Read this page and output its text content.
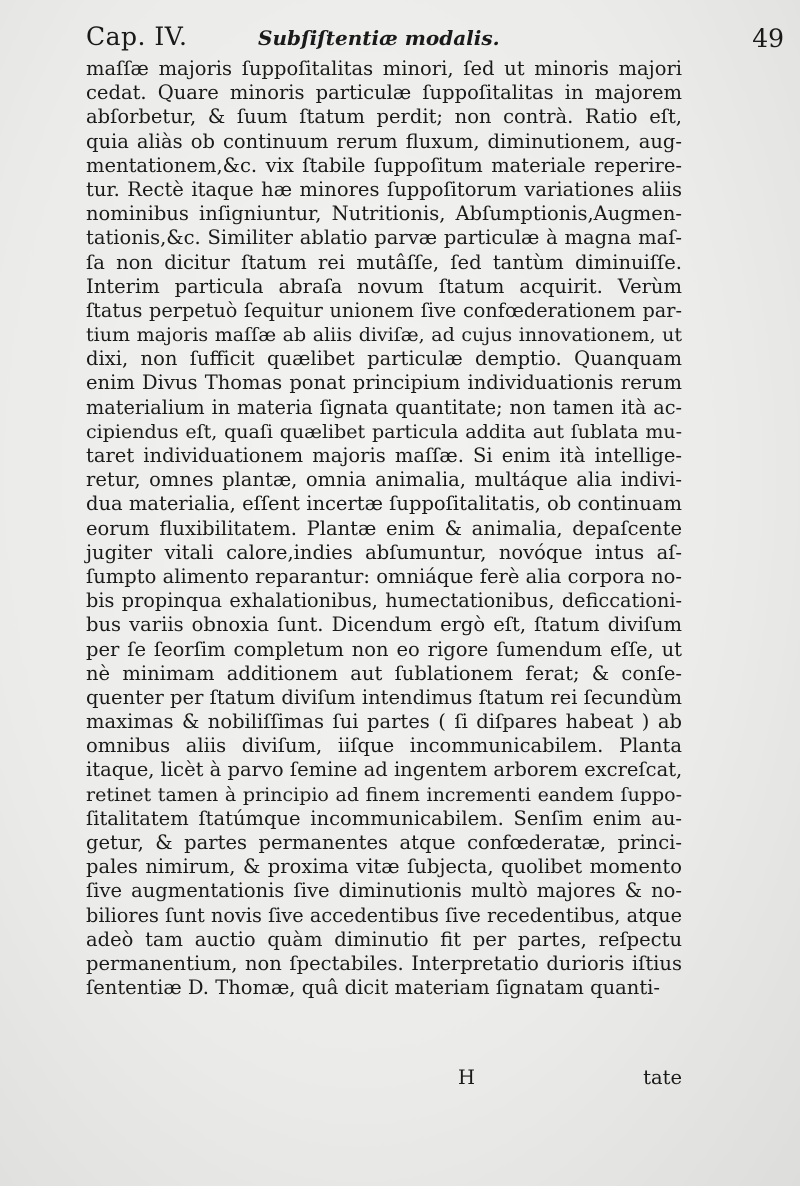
Cap. IV.	Subſiſtentiæ modalis.	49
maſſæ majoris ſuppoſitalitas minori, ſed ut minoris majori
cedat. Quare minoris particulæ ſuppoſitalitas in majorem
abſorbetur, & ſuum ſtatum perdit; non contrà. Ratio eſt,
quia aliàs ob continuum rerum fluxum, diminutionem, aug-
mentationem,&c. vix ſtabile ſuppoſitum materiale reperire-
tur. Rectè itaque hæ minores ſuppoſitorum variationes aliis
nominibus inſigniuntur, Nutritionis, Abſumptionis,Augmen-
tationis,&c. Similiter ablatio parvæ particulæ à magna maſ-
ſa non dicitur ſtatum rei mutâſſe, ſed tantùm diminuiſſe.
Interim particula abraſa novum ſtatum acquirit. Verùm
ſtatus perpetuò ſequitur unionem ſive confœderationem par-
tium majoris maſſæ ab aliis diviſæ, ad cujus innovationem, ut
dixi, non ſufficit quælibet particulæ demptio. Quanquam
enim Divus Thomas ponat principium individuationis rerum
materialium in materia ſignata quantitate; non tamen ità ac-
cipiendus eſt, quaſi quælibet particula addita aut ſublata mu-
taret individuationem majoris maſſæ. Si enim ità intellige-
retur, omnes plantæ, omnia animalia, multáque alia indivi-
dua materialia, eſſent incertæ ſuppoſitalitatis, ob continuam
eorum fluxibilitatem. Plantæ enim & animalia, depaſcente
jugiter vitali calore,indies abſumuntur, novóque intus aſ-
ſumpto alimento reparantur: omniáque ferè alia corpora no-
bis propinqua exhalationibus, humectationibus, deficcationi-
bus variis obnoxia ſunt. Dicendum ergò eſt, ſtatum diviſum
per ſe ſeorſim completum non eo rigore ſumendum eſſe, ut
nè minimam additionem aut ſublationem ferat; & conſe-
quenter per ſtatum diviſum intendimus ſtatum rei ſecundùm
maximas & nobiliſſimas ſui partes ( ſi diſpares habeat ) ab
omnibus aliis diviſum, iiſque incommunicabilem. Planta
itaque, licèt à parvo ſemine ad ingentem arborem excreſcat,
retinet tamen à principio ad finem incrementi eandem ſuppo-
ſitalitatem ſtatúmque incommunicabilem. Senſim enim au-
getur, & partes permanentes atque confœderatæ, princi-
pales nimirum, & proxima vitæ ſubjecta, quolibet momento
ſive augmentationis ſive diminutionis multò majores & no-
biliores ſunt novis ſive accedentibus ſive recedentibus, atque
adeò tam auctio quàm diminutio fit per partes, reſpectu
permanentium, non ſpectabiles. Interpretatio durioris iſtius
ſententiæ D. Thomæ, quâ dicit materiam ſignatam quanti-
H	tate
